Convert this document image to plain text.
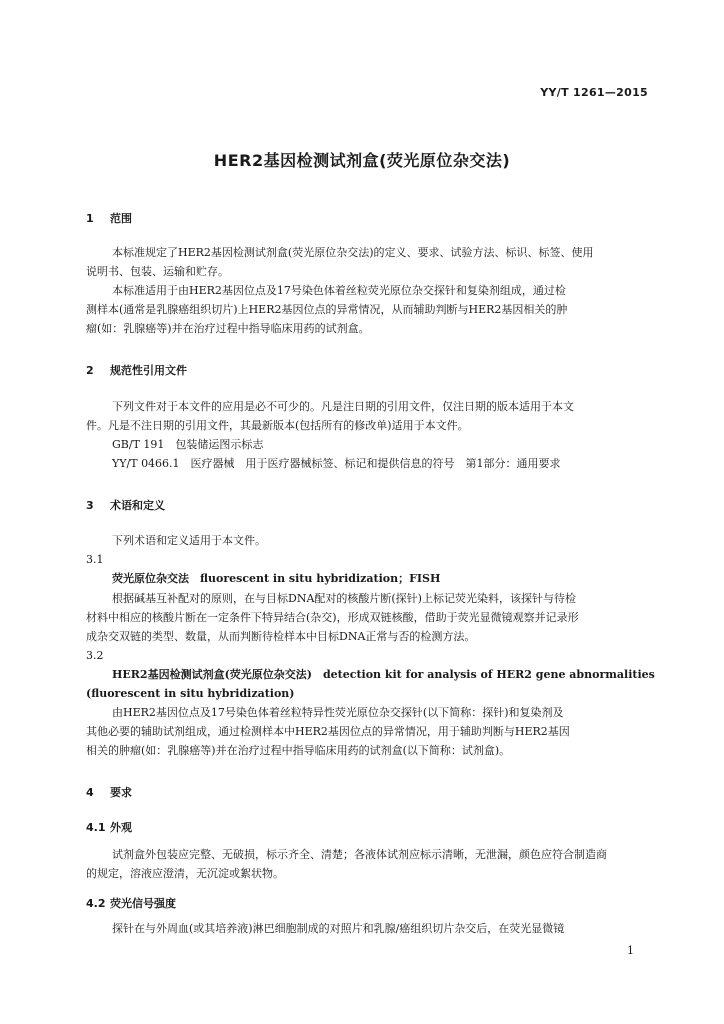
YY/T 1261—2015
HER2基因检测试剂盒(荧光原位杂交法)
1 范围
本标准规定了HER2基因检测试剂盒(荧光原位杂交法)的定义、要求、试验方法、标识、标签、使用
说明书、包装、运输和贮存。
本标准适用于由HER2基因位点及17号染色体着丝粒荧光原位杂交探针和复染剂组成，通过检
测样本(通常是乳腺癌组织切片)上HER2基因位点的异常情况，从而辅助判断与HER2基因相关的肿
瘤(如：乳腺癌等)并在治疗过程中指导临床用药的试剂盒。
2 规范性引用文件
下列文件对于本文件的应用是必不可少的。凡是注日期的引用文件，仅注日期的版本适用于本文
件。凡是不注日期的引用文件，其最新版本(包括所有的修改单)适用于本文件。
GB/T 191　包装储运图示标志
YY/T 0466.1　医疗器械　用于医疗器械标签、标记和提供信息的符号　第1部分：通用要求
3 术语和定义
下列术语和定义适用于本文件。
3.1
荧光原位杂交法　fluorescent in situ hybridization；FISH
根据碱基互补配对的原则，在与目标DNA配对的核酸片断(探针)上标记荧光染料，该探针与待检
材料中相应的核酸片断在一定条件下特异结合(杂交)，形成双链核酸，借助于荧光显微镜观察并记录形
成杂交双链的类型、数量，从而判断待检样本中目标DNA正常与否的检测方法。
3.2
HER2基因检测试剂盒(荧光原位杂交法)　detection kit for analysis of HER2 gene abnormalities
(fluorescent in situ hybridization)
由HER2基因位点及17号染色体着丝粒特异性荧光原位杂交探针(以下简称：探针)和复染剂及
其他必要的辅助试剂组成，通过检测样本中HER2基因位点的异常情况，用于辅助判断与HER2基因
相关的肿瘤(如：乳腺癌等)并在治疗过程中指导临床用药的试剂盒(以下简称：试剂盒)。
4 要求
4.1 外观
试剂盒外包装应完整、无破损，标示齐全、清楚；各液体试剂应标示清晰，无泄漏，颜色应符合制造商
的规定，溶液应澄清，无沉淀或絮状物。
4.2 荧光信号强度
探针在与外周血(或其培养液)淋巴细胞制成的对照片和乳腺/癌组织切片杂交后，在荧光显微镜
1
